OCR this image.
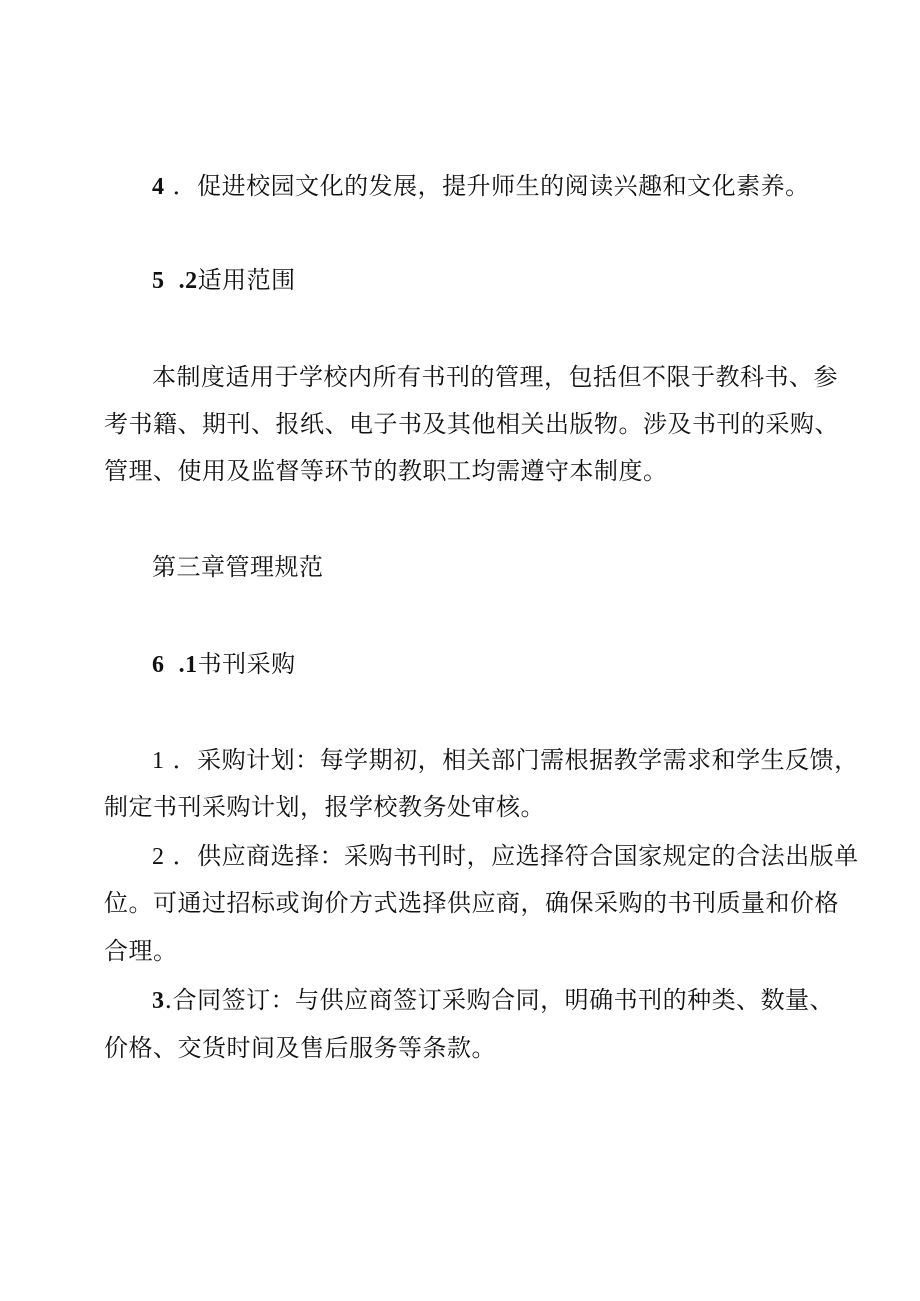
4 ．促进校园文化的发展，提升师生的阅读兴趣和文化素养。
5 .2适用范围
本制度适用于学校内所有书刊的管理，包括但不限于教科书、参
考书籍、期刊、报纸、电子书及其他相关出版物。涉及书刊的采购、
管理、使用及监督等环节的教职工均需遵守本制度。
第三章管理规范
6 .1书刊采购
1 ．采购计划：每学期初，相关部门需根据教学需求和学生反馈，
制定书刊采购计划，报学校教务处审核。
2 ．供应商选择：采购书刊时，应选择符合国家规定的合法出版单
位。可通过招标或询价方式选择供应商，确保采购的书刊质量和价格
合理。
3.合同签订：与供应商签订采购合同，明确书刊的种类、数量、
价格、交货时间及售后服务等条款。
